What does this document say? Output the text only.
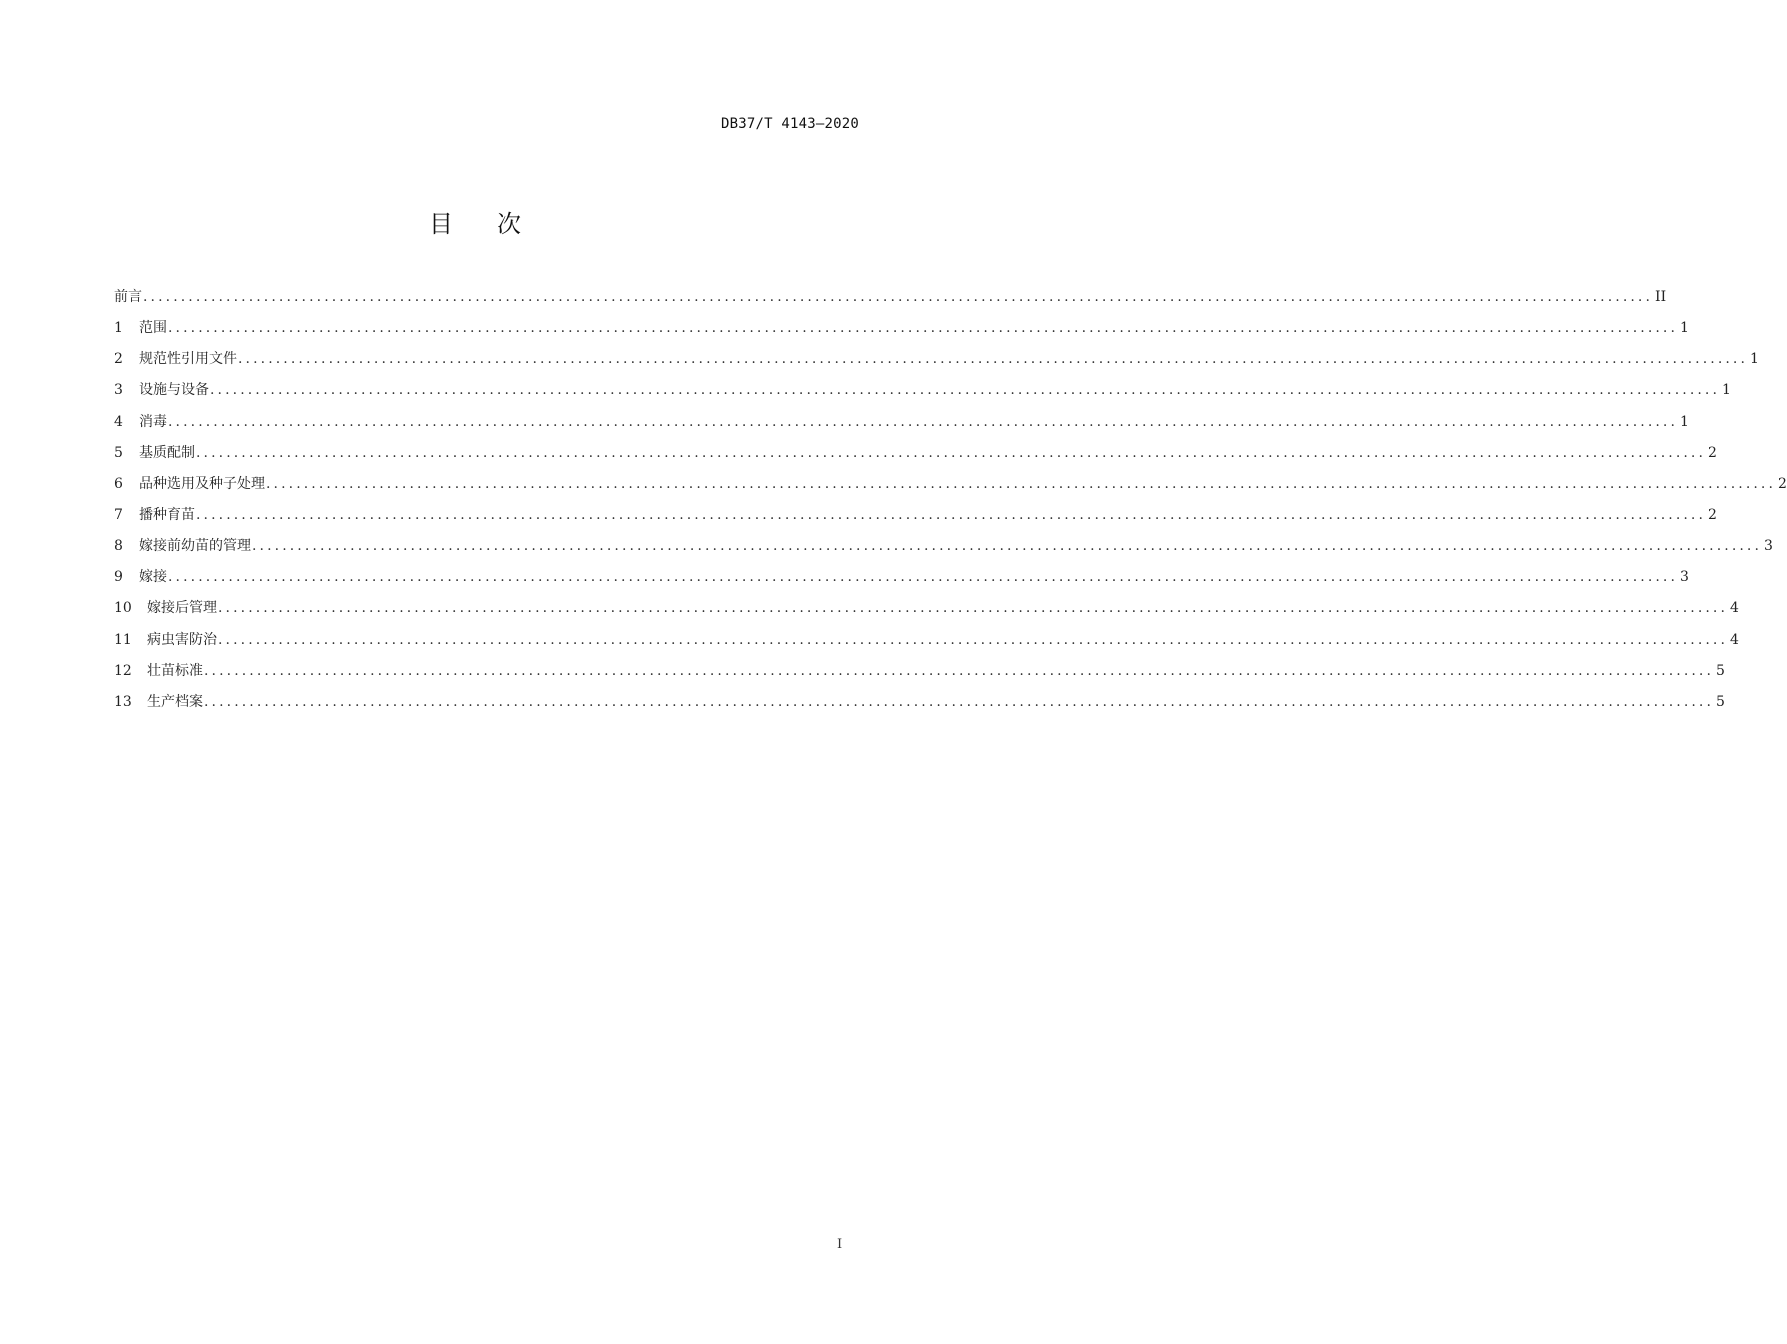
DB37/T 4143—2020
目次
前言 ........................................................................................................................................................................................................ II
1	范围 ........................................................................................................................................................................................................ 1
2	规范性引用文件 ........................................................................................................................................................................................................ 1
3	设施与设备 ........................................................................................................................................................................................................ 1
4	消毒 ........................................................................................................................................................................................................ 1
5	基质配制 ........................................................................................................................................................................................................ 2
6	品种选用及种子处理 ........................................................................................................................................................................................................ 2
7	播种育苗 ........................................................................................................................................................................................................ 2
8	嫁接前幼苗的管理 ........................................................................................................................................................................................................ 3
9	嫁接 ........................................................................................................................................................................................................ 3
10	嫁接后管理 ........................................................................................................................................................................................................ 4
11	病虫害防治 ........................................................................................................................................................................................................ 4
12	壮苗标准 ........................................................................................................................................................................................................ 5
13	生产档案 ........................................................................................................................................................................................................ 5
I
